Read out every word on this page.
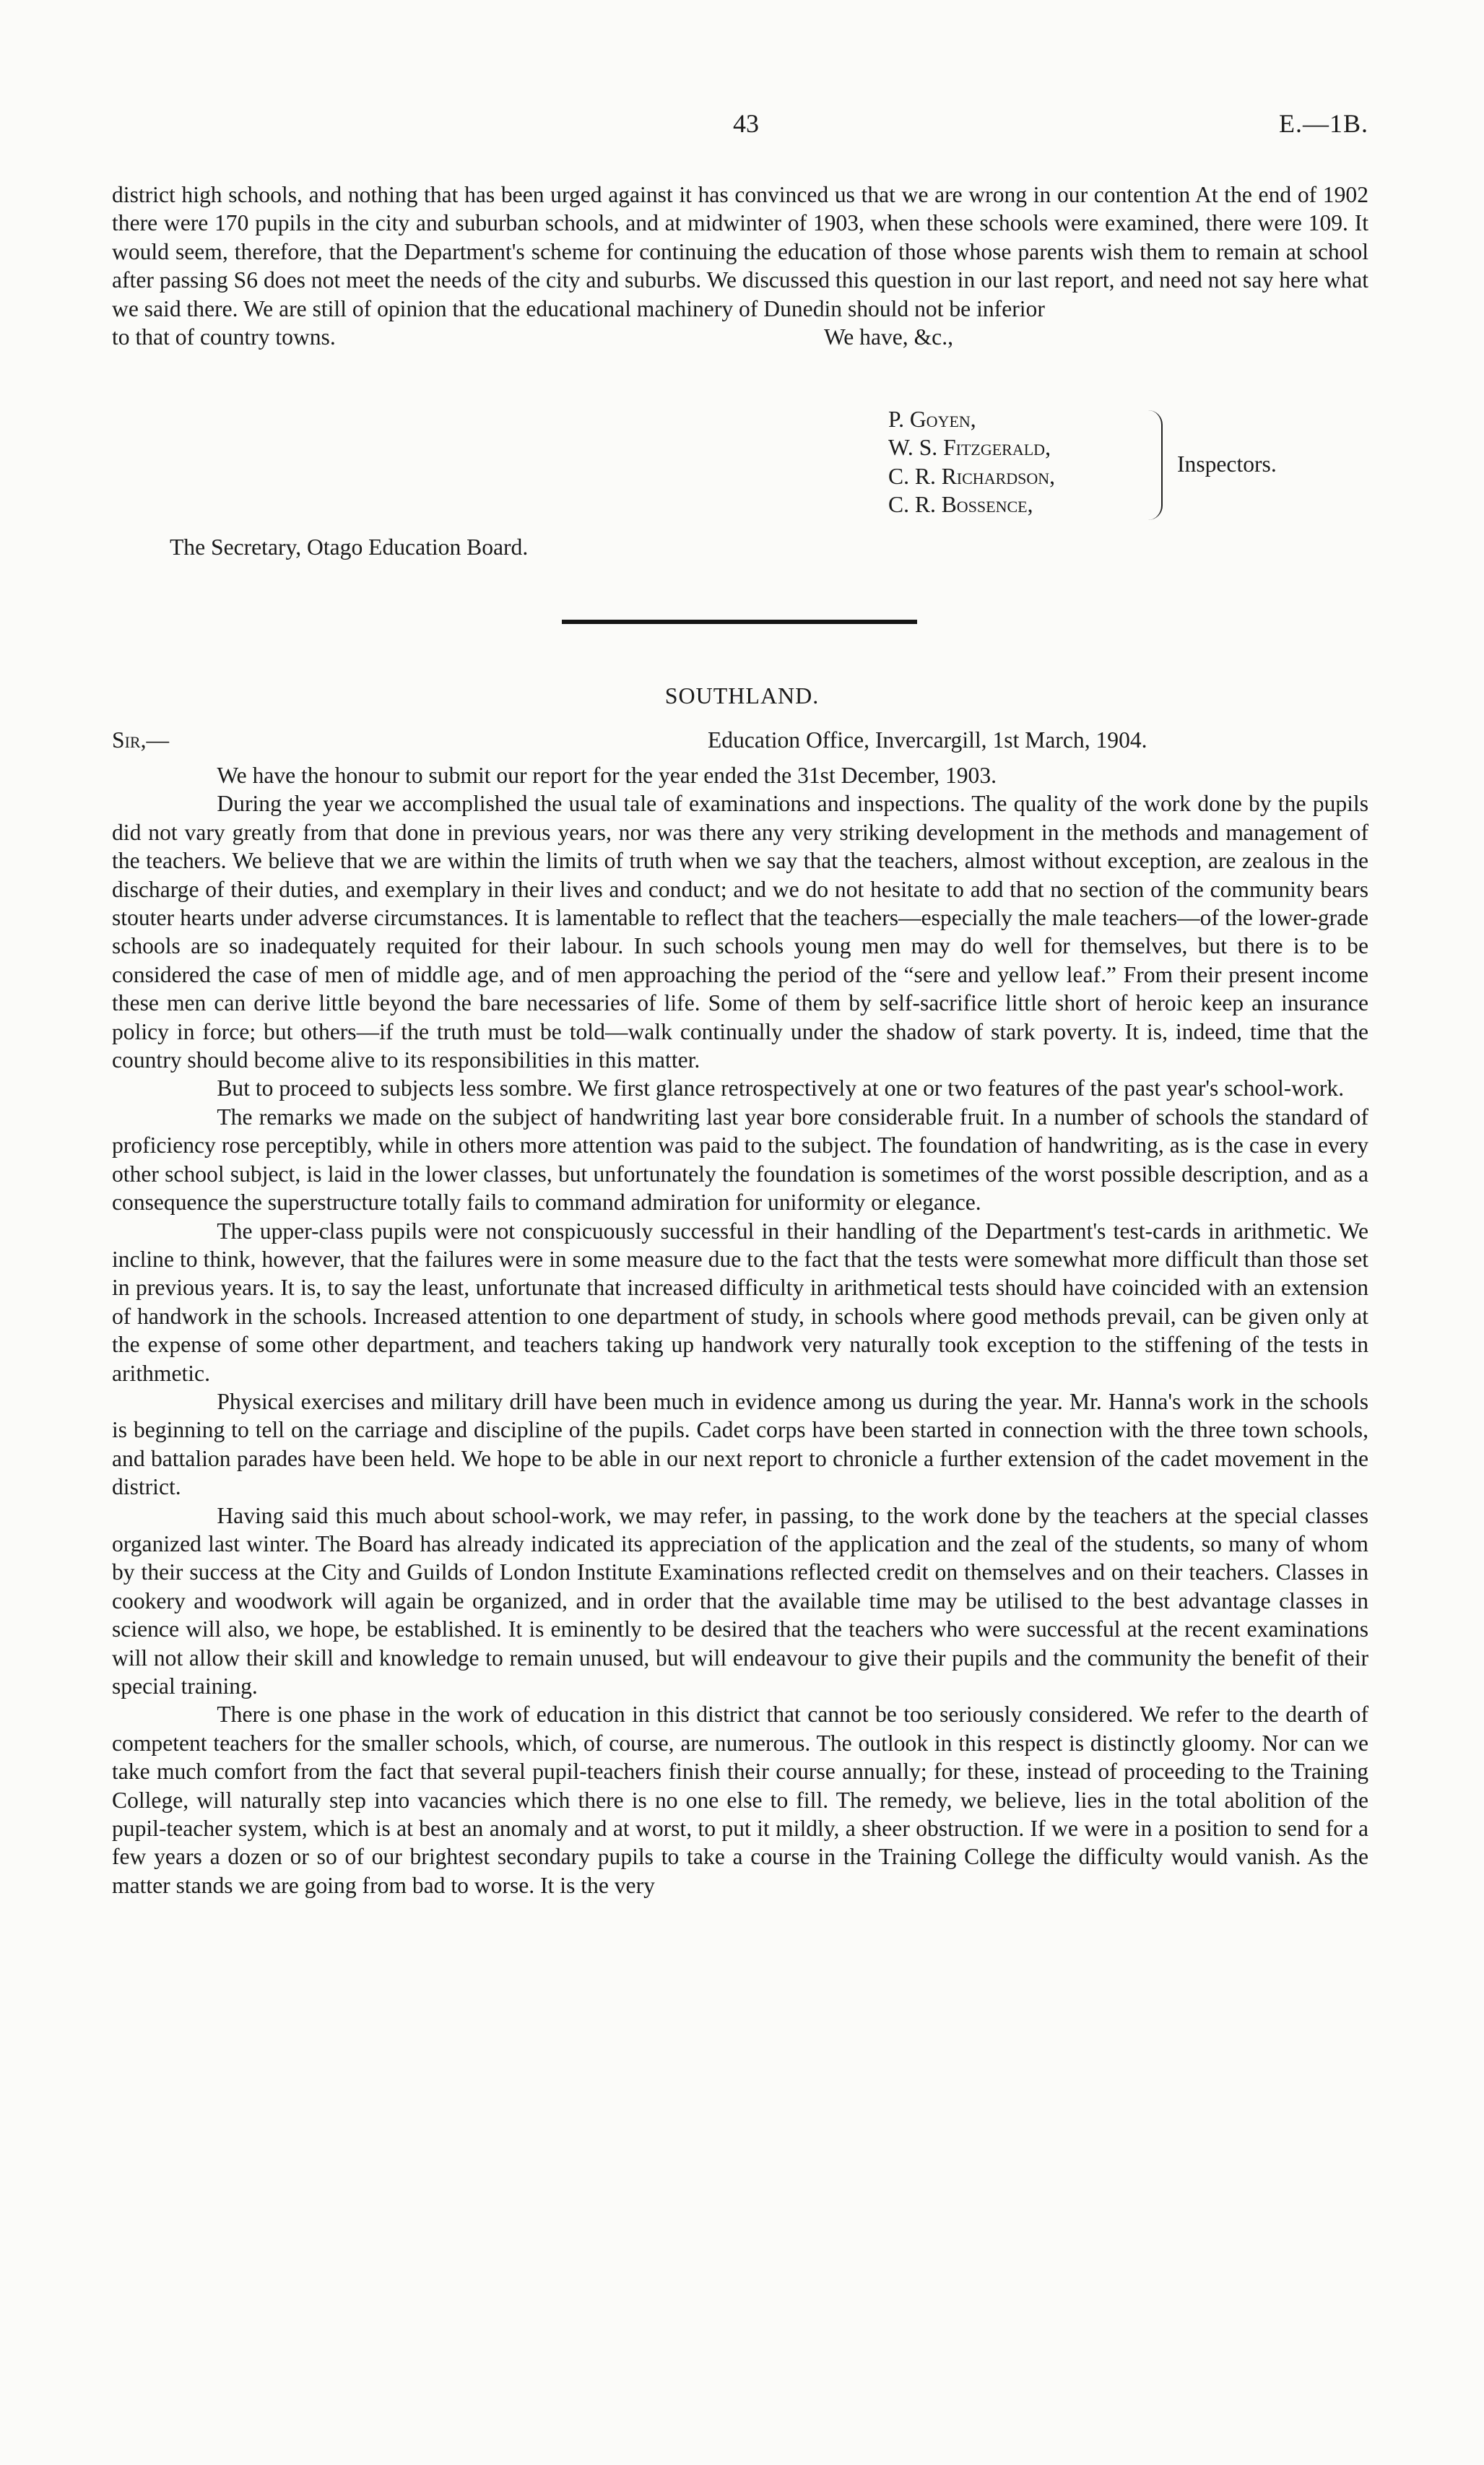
43	E.—1B.

district high schools, and nothing that has been urged against it has convinced us that we are wrong in our contention At the end of 1902 there were 170 pupils in the city and suburban schools, and at midwinter of 1903, when these schools were examined, there were 109. It would seem, therefore, that the Department's scheme for continuing the education of those whose parents wish them to remain at school after passing S6 does not meet the needs of the city and suburbs. We discussed this question in our last report, and need not say here what we said there. We are still of opinion that the educational machinery of Dunedin should not be inferior

to that of country towns.	We have, &c.,
P. Goyen,
W. S. Fitzgerald,
C. R. Richardson,
C. R. Bossence,
Inspectors.
The Secretary, Otago Education Board.
SOUTHLAND.
Sir,—	Education Office, Invercargill, 1st March, 1904.

We have the honour to submit our report for the year ended the 31st December, 1903.

During the year we accomplished the usual tale of examinations and inspections. The quality of the work done by the pupils did not vary greatly from that done in previous years, nor was there any very striking development in the methods and management of the teachers. We believe that we are within the limits of truth when we say that the teachers, almost without exception, are zealous in the discharge of their duties, and exemplary in their lives and conduct; and we do not hesitate to add that no section of the community bears stouter hearts under adverse circumstances. It is lamentable to reflect that the teachers—especially the male teachers—of the lower-grade schools are so inadequately requited for their labour. In such schools young men may do well for themselves, but there is to be considered the case of men of middle age, and of men approaching the period of the “sere and yellow leaf.” From their present income these men can derive little beyond the bare necessaries of life. Some of them by self-sacrifice little short of heroic keep an insurance policy in force; but others—if the truth must be told—walk continually under the shadow of stark poverty. It is, indeed, time that the country should become alive to its responsibilities in this matter.

But to proceed to subjects less sombre. We first glance retrospectively at one or two features of the past year's school-work.

The remarks we made on the subject of handwriting last year bore considerable fruit. In a number of schools the standard of proficiency rose perceptibly, while in others more attention was paid to the subject. The foundation of handwriting, as is the case in every other school subject, is laid in the lower classes, but unfortunately the foundation is sometimes of the worst possible description, and as a consequence the superstructure totally fails to command admiration for uniformity or elegance.

The upper-class pupils were not conspicuously successful in their handling of the Department's test-cards in arithmetic. We incline to think, however, that the failures were in some measure due to the fact that the tests were somewhat more difficult than those set in previous years. It is, to say the least, unfortunate that increased difficulty in arithmetical tests should have coincided with an extension of handwork in the schools. Increased attention to one department of study, in schools where good methods prevail, can be given only at the expense of some other department, and teachers taking up handwork very naturally took exception to the stiffening of the tests in arithmetic.

Physical exercises and military drill have been much in evidence among us during the year. Mr. Hanna's work in the schools is beginning to tell on the carriage and discipline of the pupils. Cadet corps have been started in connection with the three town schools, and battalion parades have been held. We hope to be able in our next report to chronicle a further extension of the cadet movement in the district.

Having said this much about school-work, we may refer, in passing, to the work done by the teachers at the special classes organized last winter. The Board has already indicated its appreciation of the application and the zeal of the students, so many of whom by their success at the City and Guilds of London Institute Examinations reflected credit on themselves and on their teachers. Classes in cookery and woodwork will again be organized, and in order that the available time may be utilised to the best advantage classes in science will also, we hope, be established. It is eminently to be desired that the teachers who were successful at the recent examinations will not allow their skill and knowledge to remain unused, but will endeavour to give their pupils and the community the benefit of their special training.

There is one phase in the work of education in this district that cannot be too seriously considered. We refer to the dearth of competent teachers for the smaller schools, which, of course, are numerous. The outlook in this respect is distinctly gloomy. Nor can we take much comfort from the fact that several pupil-teachers finish their course annually; for these, instead of proceeding to the Training College, will naturally step into vacancies which there is no one else to fill. The remedy, we believe, lies in the total abolition of the pupil-teacher system, which is at best an anomaly and at worst, to put it mildly, a sheer obstruction. If we were in a position to send for a few years a dozen or so of our brightest secondary pupils to take a course in the Training College the difficulty would vanish. As the matter stands we are going from bad to worse. It is the very
